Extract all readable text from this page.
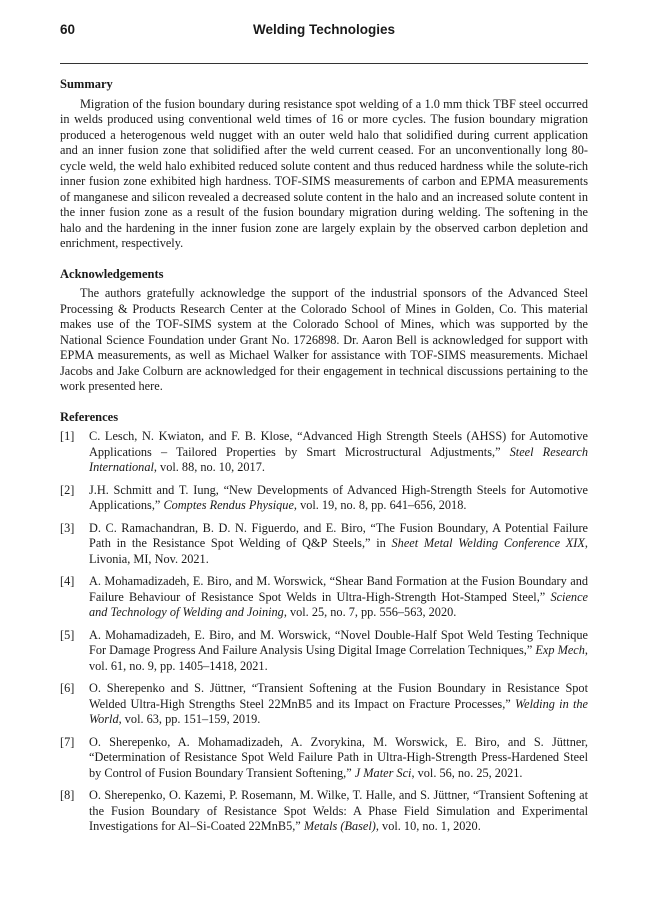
60	Welding Technologies
Summary

Migration of the fusion boundary during resistance spot welding of a 1.0 mm thick TBF steel occurred in welds produced using conventional weld times of 16 or more cycles. The fusion boundary migration produced a heterogenous weld nugget with an outer weld halo that solidified during current application and an inner fusion zone that solidified after the weld current ceased. For an unconventionally long 80-cycle weld, the weld halo exhibited reduced solute content and thus reduced hardness while the solute-rich inner fusion zone exhibited high hardness. TOF-SIMS measurements of carbon and EPMA measurements of manganese and silicon revealed a decreased solute content in the halo and an increased solute content in the inner fusion zone as a result of the fusion boundary migration during welding. The softening in the halo and the hardening in the inner fusion zone are largely explain by the observed carbon depletion and enrichment, respectively.

Acknowledgements

The authors gratefully acknowledge the support of the industrial sponsors of the Advanced Steel Processing & Products Research Center at the Colorado School of Mines in Golden, Co. This material makes use of the TOF-SIMS system at the Colorado School of Mines, which was supported by the National Science Foundation under Grant No. 1726898. Dr. Aaron Bell is acknowledged for support with EPMA measurements, as well as Michael Walker for assistance with TOF-SIMS measurements. Michael Jacobs and Jake Colburn are acknowledged for their engagement in technical discussions pertaining to the work presented here.

References
[1] C. Lesch, N. Kwiaton, and F. B. Klose, “Advanced High Strength Steels (AHSS) for Automotive Applications – Tailored Properties by Smart Microstructural Adjustments,” Steel Research International, vol. 88, no. 10, 2017.
[2] J.H. Schmitt and T. Iung, “New Developments of Advanced High-Strength Steels for Automotive Applications,” Comptes Rendus Physique, vol. 19, no. 8, pp. 641–656, 2018.
[3] D. C. Ramachandran, B. D. N. Figuerdo, and E. Biro, “The Fusion Boundary, A Potential Failure Path in the Resistance Spot Welding of Q&P Steels,” in Sheet Metal Welding Conference XIX, Livonia, MI, Nov. 2021.
[4] A. Mohamadizadeh, E. Biro, and M. Worswick, “Shear Band Formation at the Fusion Boundary and Failure Behaviour of Resistance Spot Welds in Ultra-High-Strength Hot-Stamped Steel,” Science and Technology of Welding and Joining, vol. 25, no. 7, pp. 556–563, 2020.
[5] A. Mohamadizadeh, E. Biro, and M. Worswick, “Novel Double-Half Spot Weld Testing Technique For Damage Progress And Failure Analysis Using Digital Image Correlation Techniques,” Exp Mech, vol. 61, no. 9, pp. 1405–1418, 2021.
[6] O. Sherepenko and S. Jüttner, “Transient Softening at the Fusion Boundary in Resistance Spot Welded Ultra-High Strengths Steel 22MnB5 and its Impact on Fracture Processes,” Welding in the World, vol. 63, pp. 151–159, 2019.
[7] O. Sherepenko, A. Mohamadizadeh, A. Zvorykina, M. Worswick, E. Biro, and S. Jüttner, “Determination of Resistance Spot Weld Failure Path in Ultra-High-Strength Press-Hardened Steel by Control of Fusion Boundary Transient Softening,” J Mater Sci, vol. 56, no. 25, 2021.
[8] O. Sherepenko, O. Kazemi, P. Rosemann, M. Wilke, T. Halle, and S. Jüttner, “Transient Softening at the Fusion Boundary of Resistance Spot Welds: A Phase Field Simulation and Experimental Investigations for Al–Si-Coated 22MnB5,” Metals (Basel), vol. 10, no. 1, 2020.
